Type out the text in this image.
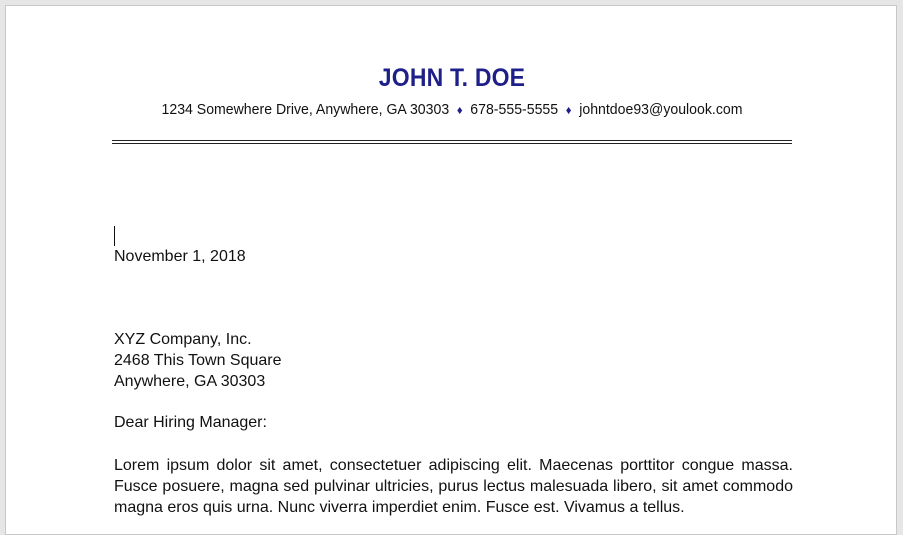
JOHN T. DOE
1234 Somewhere Drive, Anywhere, GA 30303 ♦ 678-555-5555 ♦ johntdoe93@youlook.com
November 1, 2018
XYZ Company, Inc.
2468 This Town Square
Anywhere, GA 30303
Dear Hiring Manager:
Lorem ipsum dolor sit amet, consectetuer adipiscing elit. Maecenas porttitor congue massa. Fusce posuere, magna sed pulvinar ultricies, purus lectus malesuada libero, sit amet commodo magna eros quis urna. Nunc viverra imperdiet enim. Fusce est. Vivamus a tellus.
